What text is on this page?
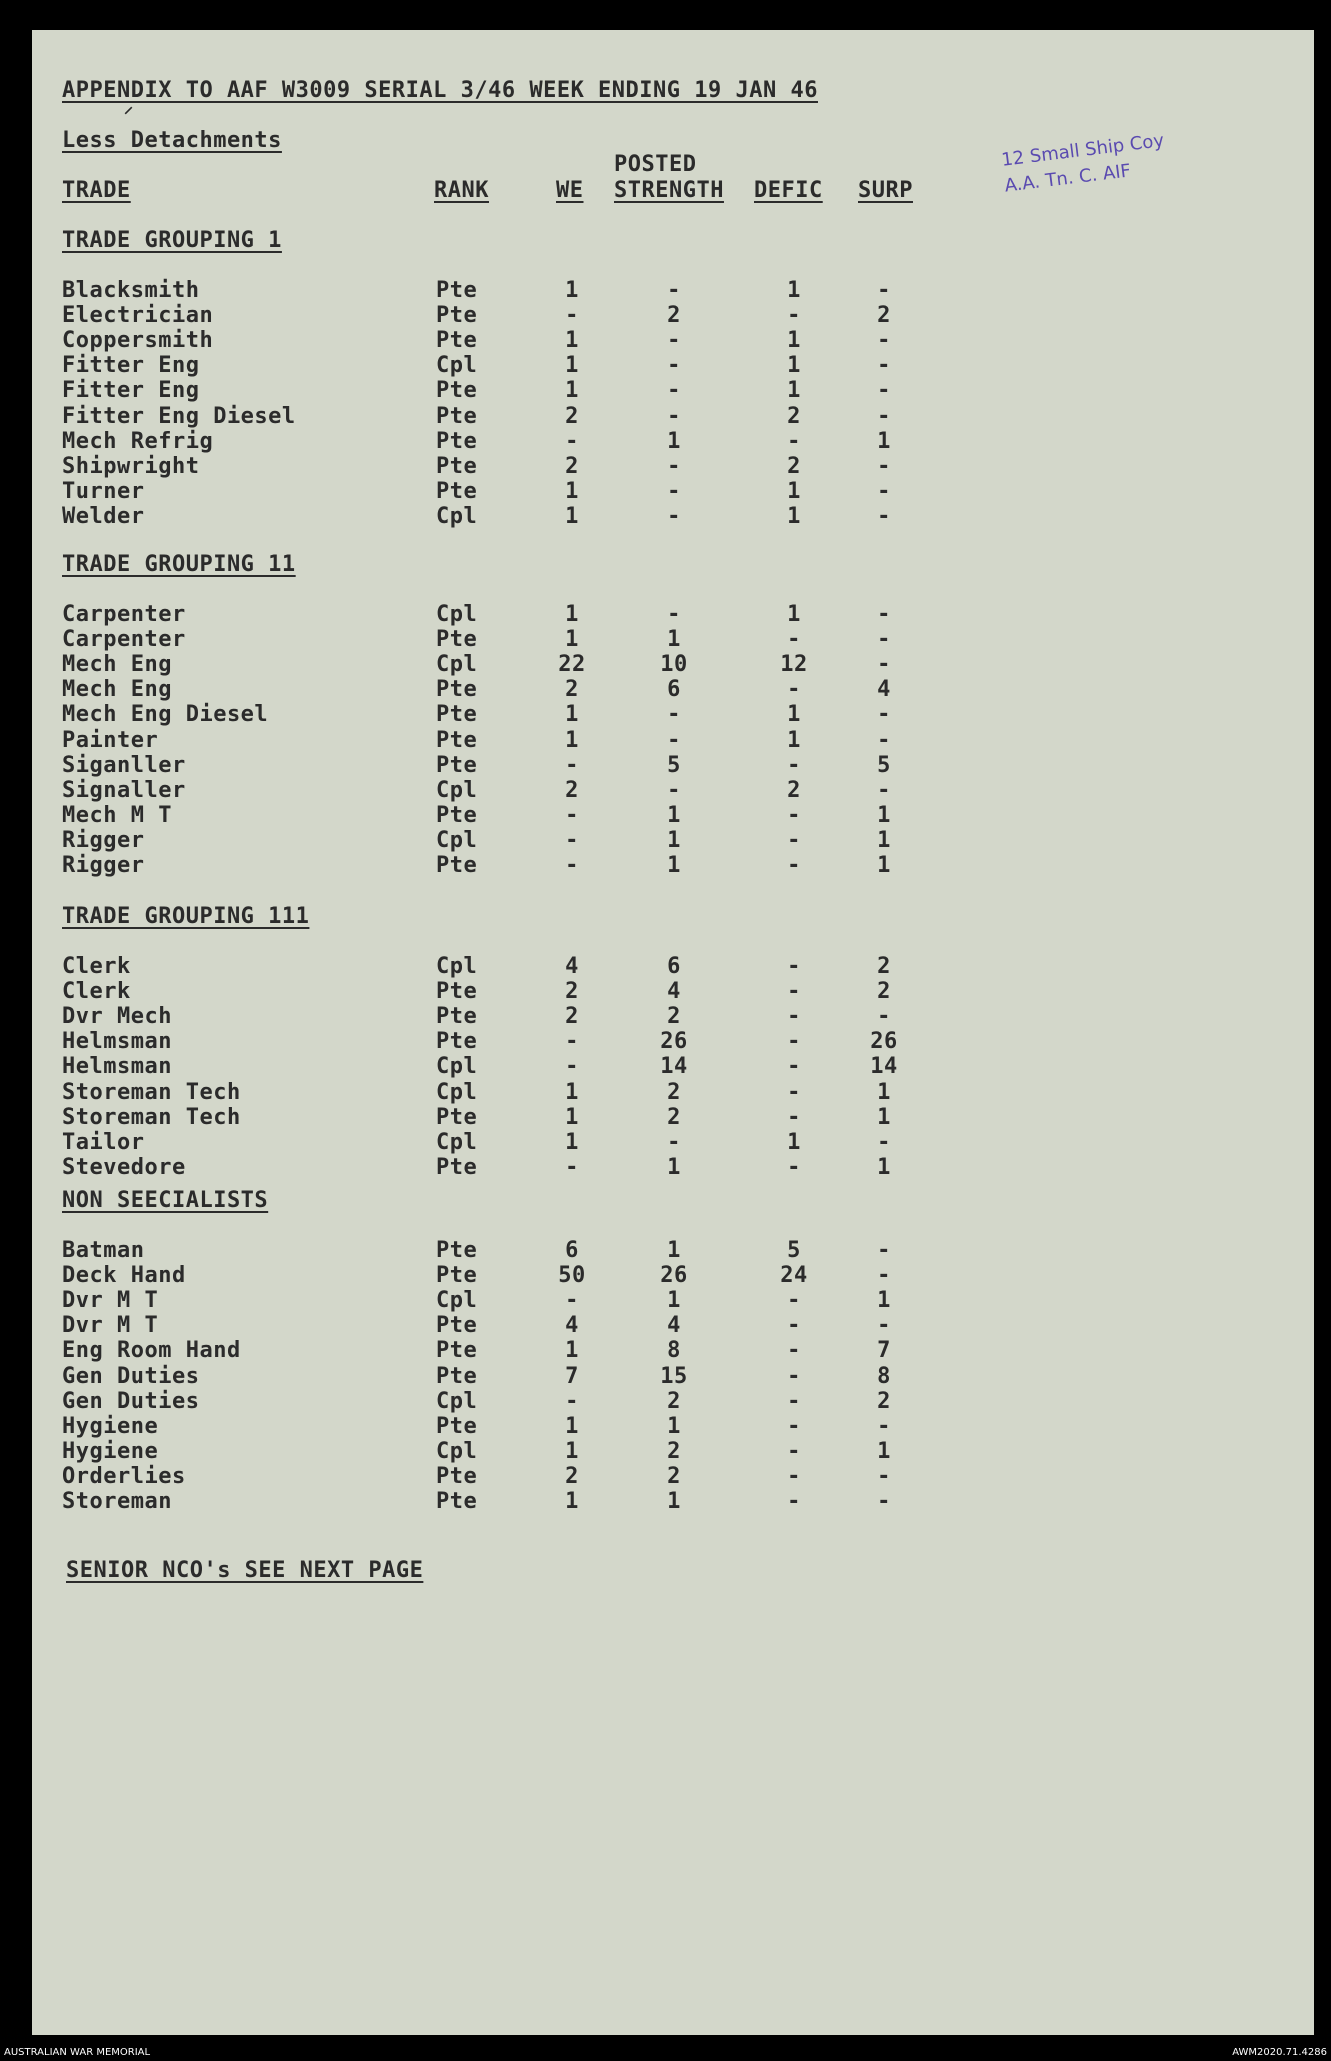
APPENDIX TO AAF W3009 SERIAL 3/46 WEEK ENDING 19 JAN 46
⸍
Less Detachments	12 Small Ship Coy
A.A. Tn. C. AIF
POSTED
TRADE	RANK	WE STRENGTH DEFIC SURP
TRADE GROUPING 1
Blacksmith	Pte	1	-	1	-
Electrician	Pte	-	2	-	2
Coppersmith	Pte	1	-	1	-
Fitter Eng	Cpl	1	-	1	-
Fitter Eng	Pte	1	-	1	-
Fitter Eng Diesel	Pte	2	-	2	-
Mech Refrig	Pte	-	1	-	1
Shipwright	Pte	2	-	2	-
Turner	Pte	1	-	1	-
Welder	Cpl	1	-	1	-
TRADE GROUPING 11
Carpenter	Cpl	1	-	1	-
Carpenter	Pte	1	1	-	-
Mech Eng	Cpl	22	10	12	-
Mech Eng	Pte	2	6	-	4
Mech Eng Diesel	Pte	1	-	1	-
Painter	Pte	1	-	1	-
Siganller	Pte	-	5	-	5
Signaller	Cpl	2	-	2	-
Mech M T	Pte	-	1	-	1
Rigger	Cpl	-	1	-	1
Rigger	Pte	-	1	-	1
TRADE GROUPING 111
Clerk	Cpl	4	6	-	2
Clerk	Pte	2	4	-	2
Dvr Mech	Pte	2	2	-	-
Helmsman	Pte	-	26	-	26
Helmsman	Cpl	-	14	-	14
Storeman Tech	Cpl	1	2	-	1
Storeman Tech	Pte	1	2	-	1
Tailor	Cpl	1	-	1	-
Stevedore	Pte	-	1	-	1
NON SEECIALISTS
Batman	Pte	6	1	5	-
Deck Hand	Pte	50	26	24	-
Dvr M T	Cpl	-	1	-	1
Dvr M T	Pte	4	4	-	-
Eng Room Hand	Pte	1	8	-	7
Gen Duties	Pte	7	15	-	8
Gen Duties	Cpl	-	2	-	2
Hygiene	Pte	1	1	-	-
Hygiene	Cpl	1	2	-	1
Orderlies	Pte	2	2	-	-
Storeman	Pte	1	1	-	-
SENIOR NCO's SEE NEXT PAGE
AUSTRALIAN WAR MEMORIAL	AWM2020.71.4286
